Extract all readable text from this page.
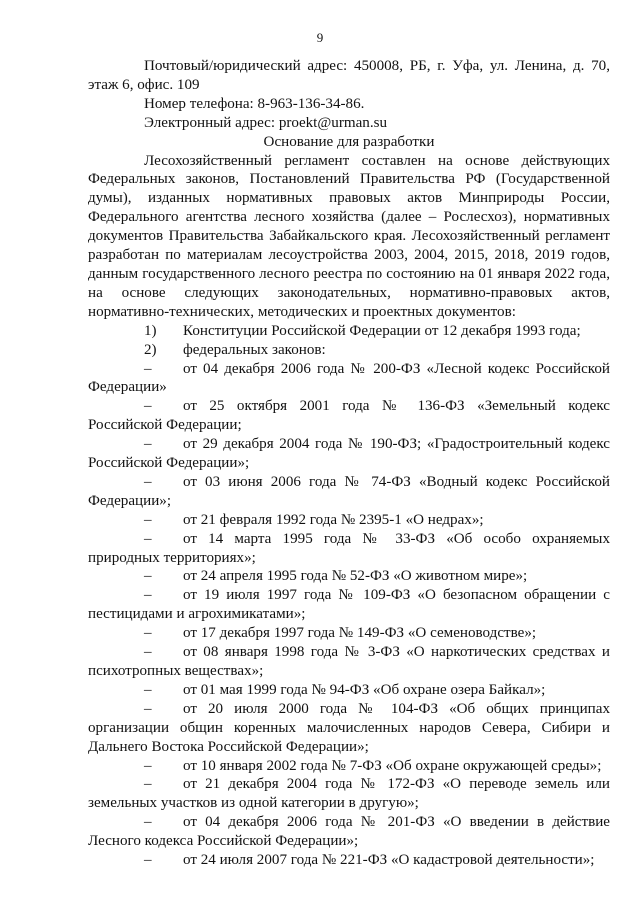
9

Почтовый/юридический адрес: 450008, РБ, г. Уфа, ул. Ленина, д. 70, этаж 6, офис. 109

Номер телефона: 8-963-136-34-86.

Электронный адрес: proekt@urman.su

Основание для разработки

Лесохозяйственный регламент составлен на основе действующих Федеральных законов, Постановлений Правительства РФ (Государственной думы), изданных нормативных правовых актов Минприроды России, Федерального агентства лесного хозяйства (далее – Рослесхоз), нормативных документов Правительства Забайкальского края. Лесохозяйственный регламент разработан по материалам лесоустройства 2003, 2004, 2015, 2018, 2019 годов, данным государственного лесного реестра по состоянию на 01 января 2022 года, на основе следующих законодательных, нормативно-правовых актов, нормативно-технических, методических и проектных документов:

1) Конституции Российской Федерации от 12 декабря 1993 года;

2) федеральных законов:

– от 04 декабря 2006 года № 200-ФЗ «Лесной кодекс Российской Федерации»

– от 25 октября 2001 года № 136-ФЗ «Земельный кодекс Российской Федерации;

– от 29 декабря 2004 года № 190-ФЗ; «Градостроительный кодекс Российской Федерации»;

– от 03 июня 2006 года № 74-ФЗ «Водный кодекс Российской Федерации»;

– от 21 февраля 1992 года № 2395-1 «О недрах»;

– от 14 марта 1995 года № 33-ФЗ «Об особо охраняемых природных территориях»;

– от 24 апреля 1995 года № 52-ФЗ «О животном мире»;

– от 19 июля 1997 года № 109-ФЗ «О безопасном обращении с пестицидами и агрохимикатами»;

– от 17 декабря 1997 года № 149-ФЗ «О семеноводстве»;

– от 08 января 1998 года № 3-ФЗ «О наркотических средствах и психотропных веществах»;

– от 01 мая 1999 года № 94-ФЗ «Об охране озера Байкал»;

– от 20 июля 2000 года № 104-ФЗ «Об общих принципах организации общин коренных малочисленных народов Севера, Сибири и Дальнего Востока Российской Федерации»;

– от 10 января 2002 года № 7-ФЗ «Об охране окружающей среды»;

– от 21 декабря 2004 года № 172-ФЗ «О переводе земель или земельных участков из одной категории в другую»;

– от 04 декабря 2006 года № 201-ФЗ «О введении в действие Лесного кодекса Российской Федерации»;

– от 24 июля 2007 года № 221-ФЗ «О кадастровой деятельности»;
